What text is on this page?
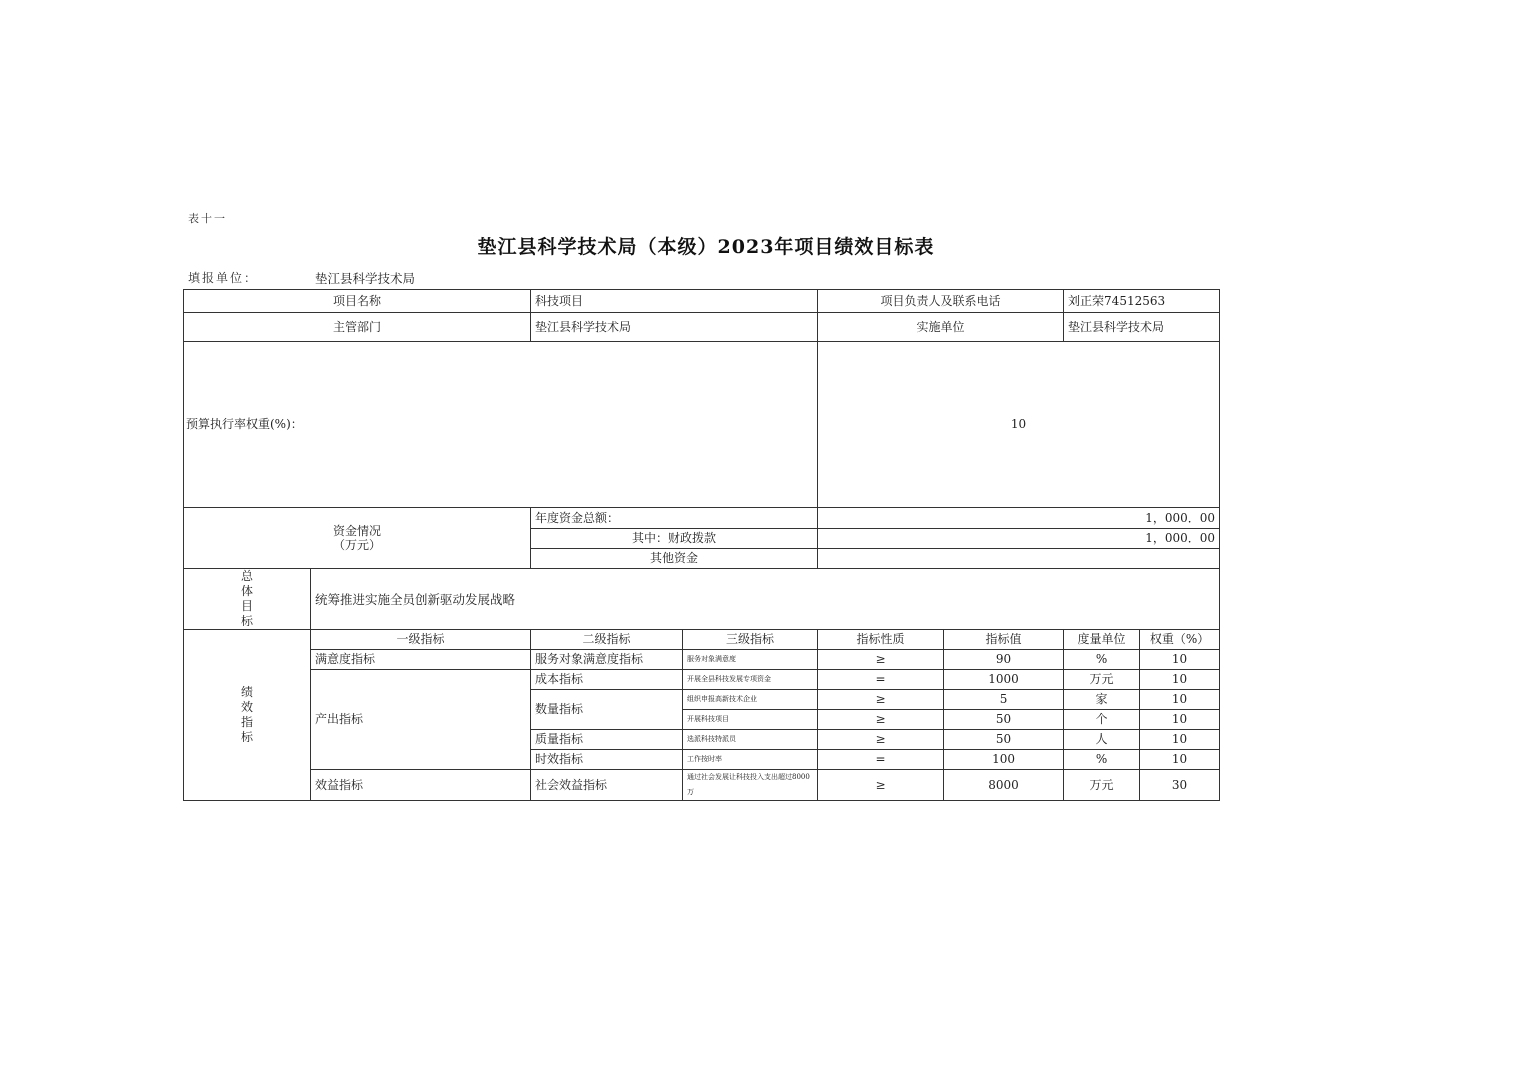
表十一
垫江县科学技术局（本级）2023年项目绩效目标表
填报单位：	垫江县科学技术局
项目名称		科技项目		项目负责人及联系电话		刘正荣74512563	
主管部门		垫江县科学技术局		实施单位		垫江县科学技术局	
预算执行率权重(%)：				10			
资金情况（万元）		年度资金总额：		1，000．00			
		其中：财政拨款		1，000．00			
		其他资金					
总体目标	统筹推进实施全员创新驱动发展战略						
绩效指标	一级指标	二级指标	三级指标	指标性质	指标值	度量单位	权重（%）
	满意度指标	服务对象满意度指标	服务对象满意度	≥	90	%	10
	产出指标	成本指标	开展全县科技发展专项资金	=	1000	万元	10
		数量指标	组织申报高新技术企业	≥	5	家	10
			开展科技项目	≥	50	个	10
		质量指标	选派科技特派员	≥	50	人	10
		时效指标	工作按时率	=	100	%	10
	效益指标	社会效益指标	通过社会发展让科技投入支出超过8000万	≥	8000	万元	30
